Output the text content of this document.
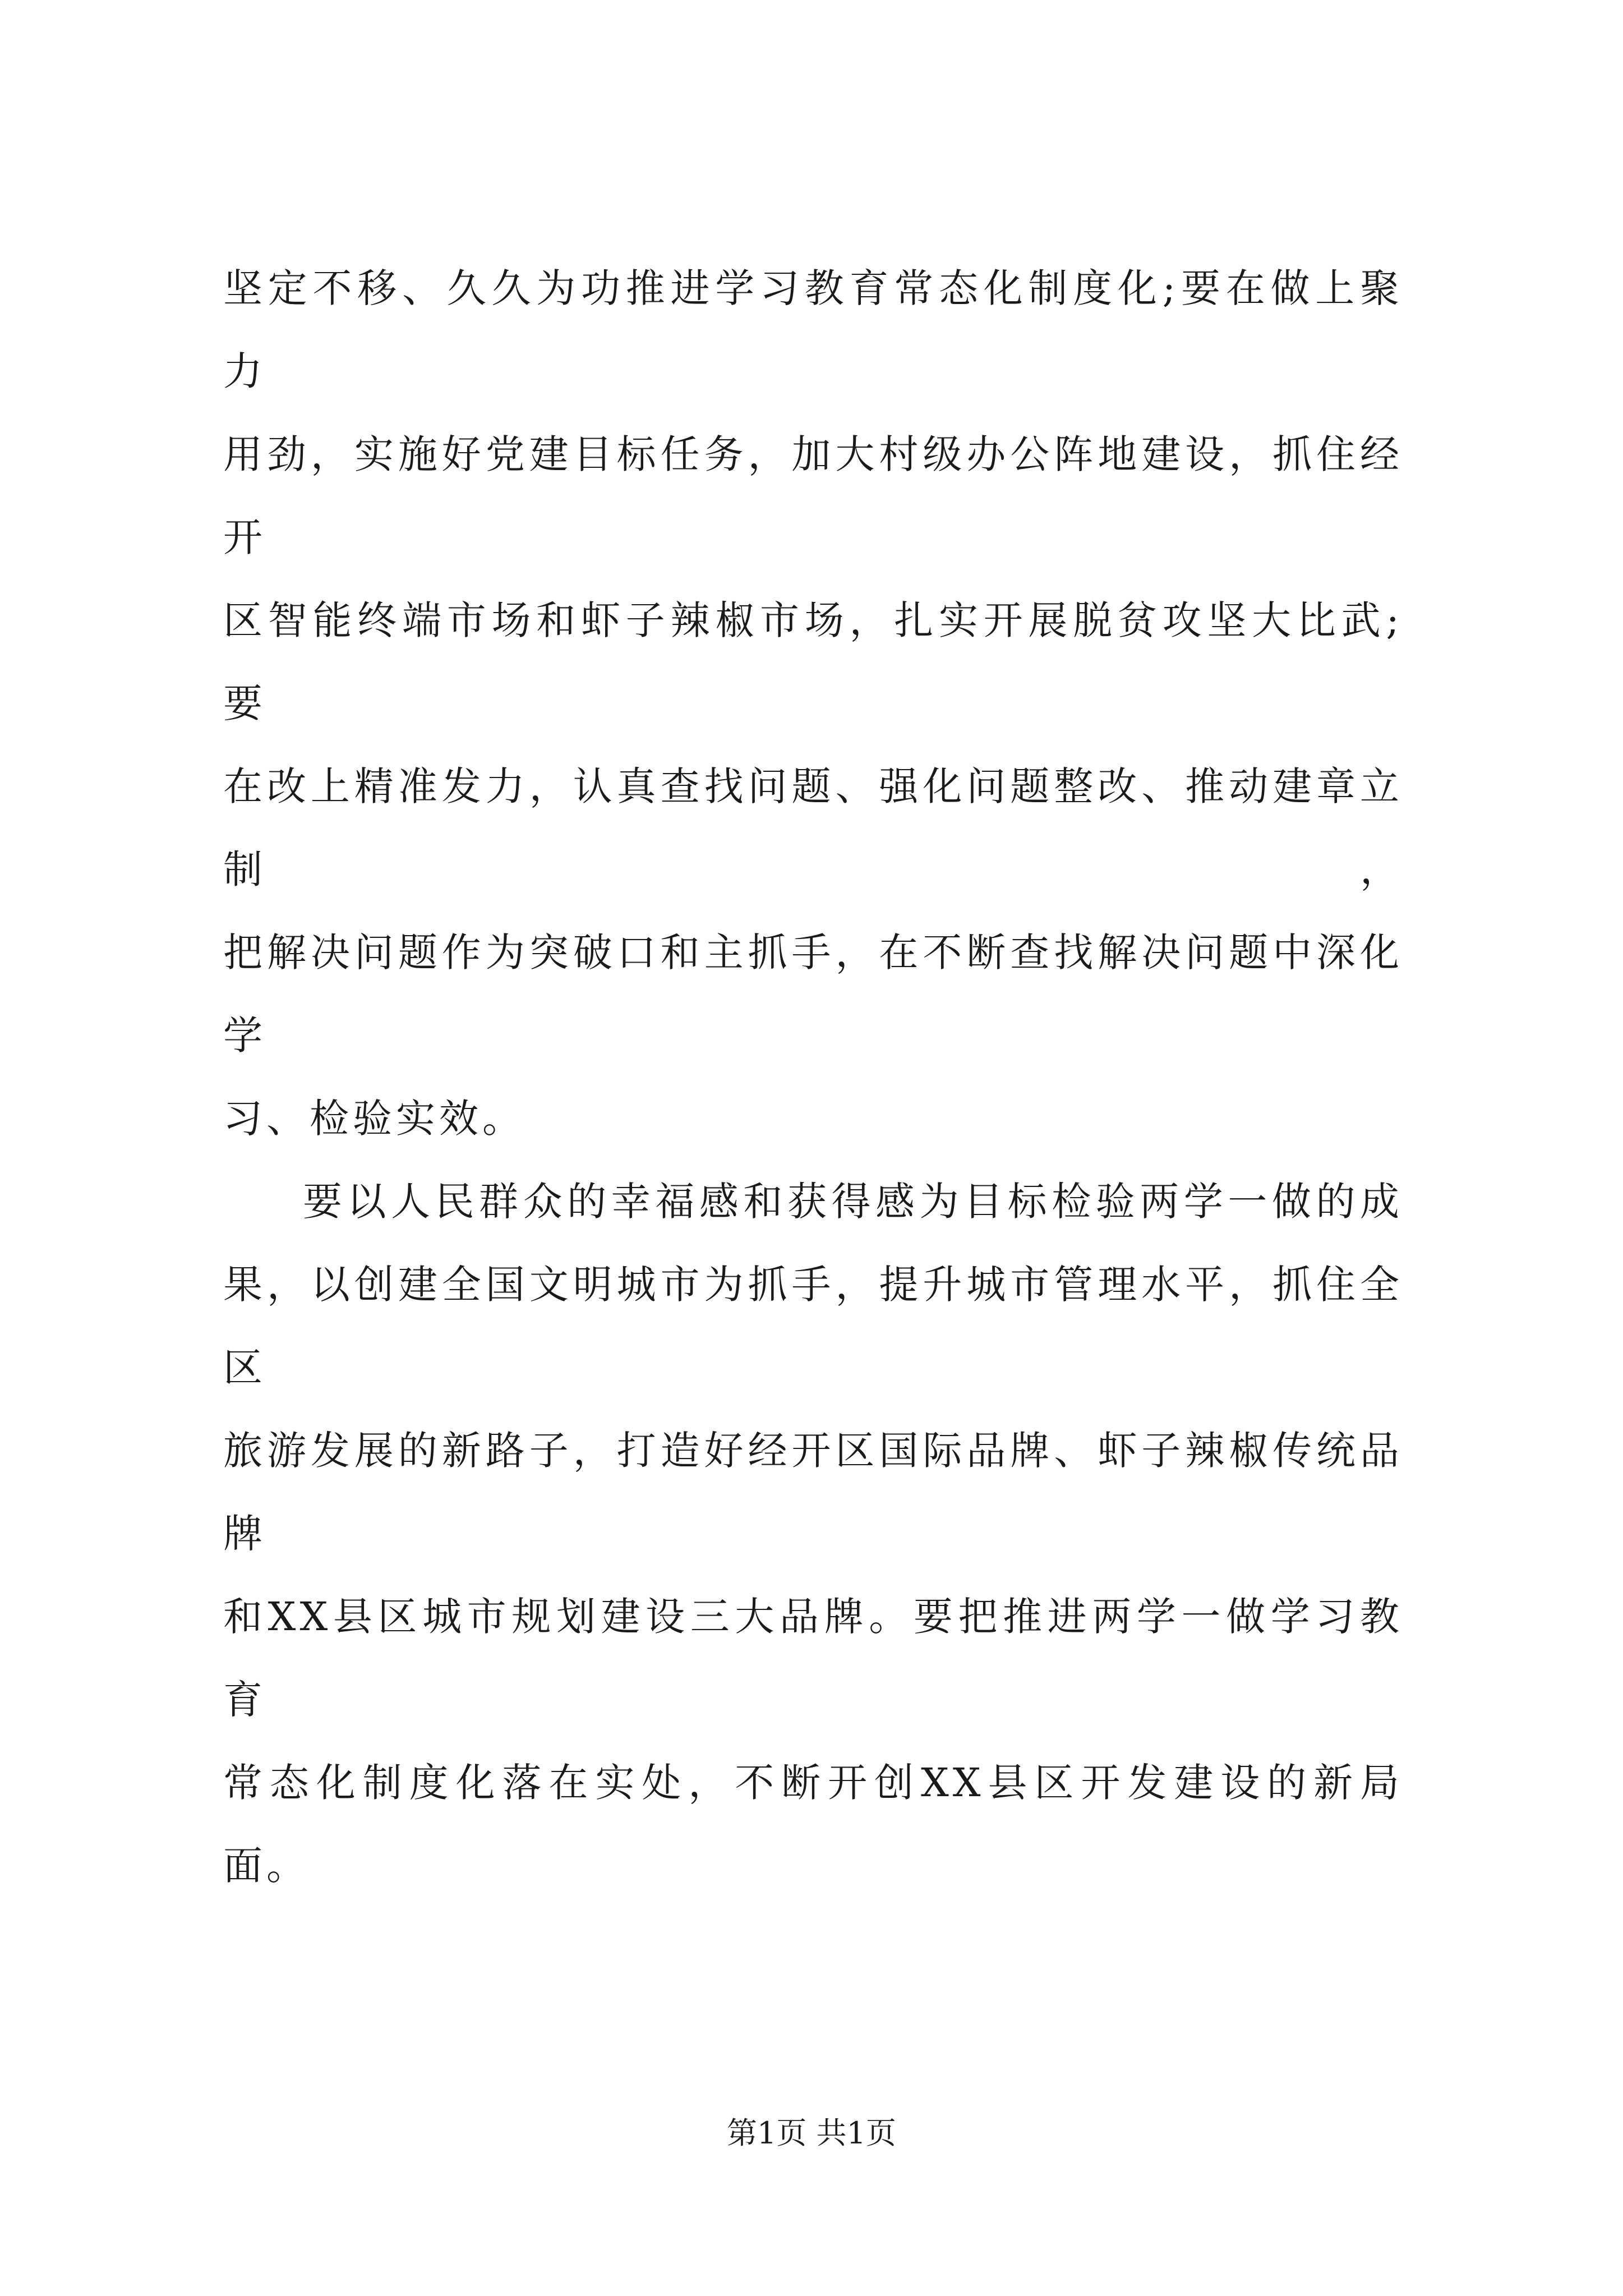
坚定不移、久久为功推进学习教育常态化制度化;要在做上聚力
用劲，实施好党建目标任务，加大村级办公阵地建设，抓住经开
区智能终端市场和虾子辣椒市场，扎实开展脱贫攻坚大比武;要
在改上精准发力，认真查找问题、强化问题整改、推动建章立制，
把解决问题作为突破口和主抓手，在不断查找解决问题中深化学
习、检验实效。

要以人民群众的幸福感和获得感为目标检验两学一做的成
果，以创建全国文明城市为抓手，提升城市管理水平，抓住全区
旅游发展的新路子，打造好经开区国际品牌、虾子辣椒传统品牌
和XX县区城市规划建设三大品牌。要把推进两学一做学习教育
常态化制度化落在实处，不断开创XX县区开发建设的新局面。

第1页 共1页
